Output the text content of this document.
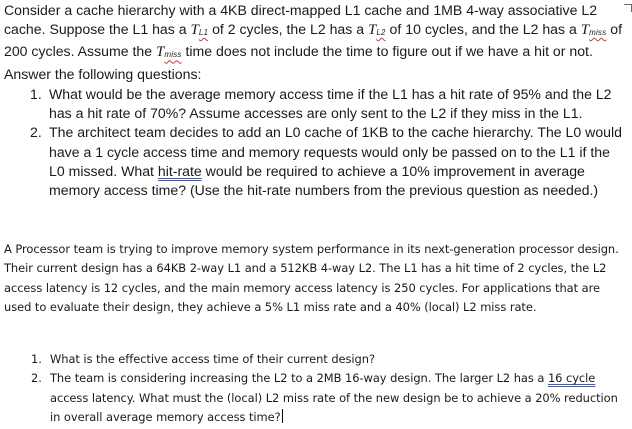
Consider a cache hierarchy with a 4KB direct-mapped L1 cache and 1MB 4-way associative L2 cache. Suppose the L1 has a TL1 of 2 cycles, the L2 has a TL2 of 10 cycles, and the L2 has a Tmiss of 200 cycles. Assume the Tmiss time does not include the time to figure out if we have a hit or not. Answer the following questions:

1. What would be the average memory access time if the L1 has a hit rate of 95% and the L2 has a hit rate of 70%? Assume accesses are only sent to the L2 if they miss in the L1.
2. The architect team decides to add an L0 cache of 1KB to the cache hierarchy. The L0 would have a 1 cycle access time and memory requests would only be passed on to the L1 if the L0 missed. What hit-rate would be required to achieve a 10% improvement in average memory access time? (Use the hit-rate numbers from the previous question as needed.)

A Processor team is trying to improve memory system performance in its next-generation processor design. Their current design has a 64KB 2-way L1 and a 512KB 4-way L2. The L1 has a hit time of 2 cycles, the L2 access latency is 12 cycles, and the main memory access latency is 250 cycles. For applications that are used to evaluate their design, they achieve a 5% L1 miss rate and a 40% (local) L2 miss rate.

1. What is the effective access time of their current design?
2. The team is considering increasing the L2 to a 2MB 16-way design. The larger L2 has a 16 cycle access latency. What must the (local) L2 miss rate of the new design be to achieve a 20% reduction in overall average memory access time?
